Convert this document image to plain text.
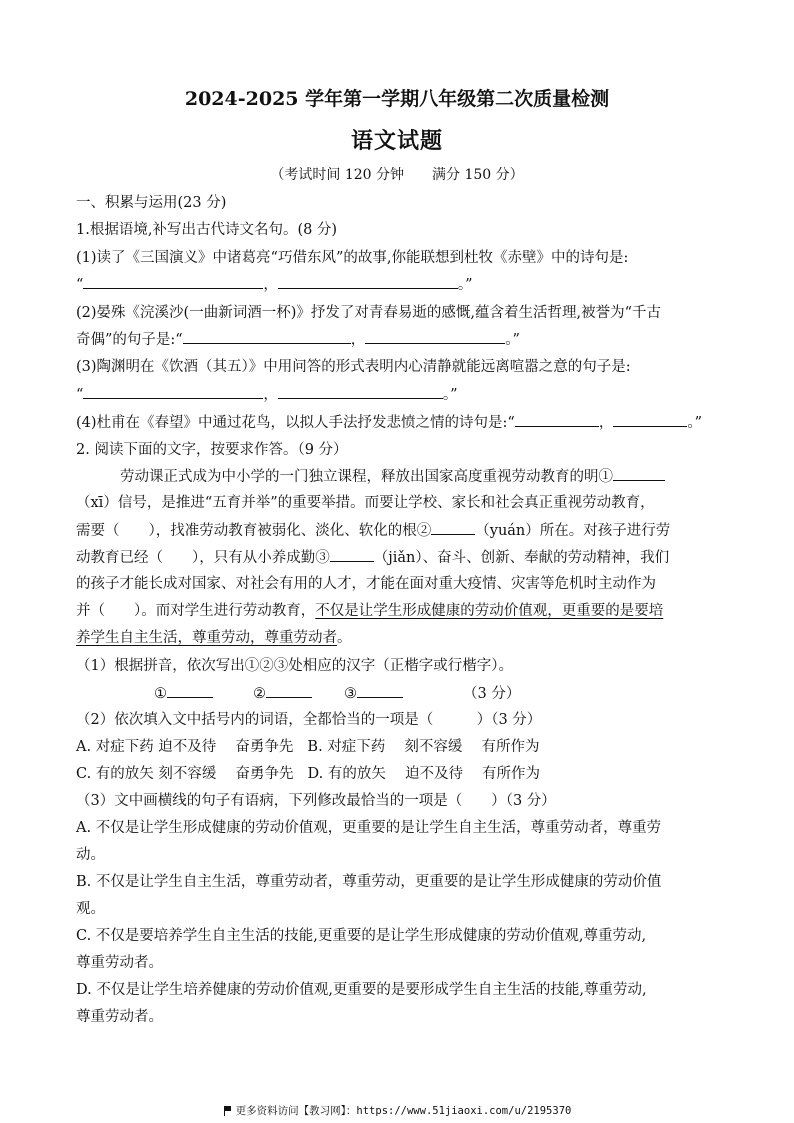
2024-2025 学年第一学期八年级第二次质量检测
语文试题
（考试时间 120 分钟　　满分 150 分）
一、积累与运用(23 分)
1.根据语境,补写出古代诗文名句。(8 分)
(1)读了《三国演义》中诸葛亮“巧借东风”的故事,你能联想到杜牧《赤壁》中的诗句是:
“	，	。”
(2)晏殊《浣溪沙(一曲新词酒一杯)》抒发了对青春易逝的感慨,蕴含着生活哲理,被誉为“千古
奇偶”的句子是:“	，	。”
(3)陶渊明在《饮酒（其五）》中用问答的形式表明内心清静就能远离喧嚣之意的句子是:
“	，	。”
(4)杜甫在《春望》中通过花鸟，以拟人手法抒发悲愤之情的诗句是:“	，	。”
2. 阅读下面的文字，按要求作答。（9 分）
劳动课正式成为中小学的一门独立课程，释放出国家高度重视劳动教育的明①
（xī）信号，是推进“五育并举”的重要举措。而要让学校、家长和社会真正重视劳动教育，
需要（　　），找准劳动教育被弱化、淡化、软化的根②	（yuán）所在。对孩子进行劳
动教育已经（　　），只有从小养成勤③	（jiǎn）、奋斗、创新、奉献的劳动精神，我们
的孩子才能长成对国家、对社会有用的人才，才能在面对重大疫情、灾害等危机时主动作为
并（　　）。而对学生进行劳动教育，不仅是让学生形成健康的劳动价值观，更重要的是要培
养学生自主生活，尊重劳动，尊重劳动者。
（1）根据拼音，依次写出①②③处相应的汉字（正楷字或行楷字）。
①	②	③	（3 分）
（2）依次填入文中括号内的词语，全都恰当的一项是（　　　）（3 分）
A. 对症下药 迫不及待　 奋勇争先 B. 对症下药　 刻不容缓　 有所作为
C. 有的放矢 刻不容缓　 奋勇争先 D. 有的放矢　 迫不及待　 有所作为
（3）文中画横线的句子有语病，下列修改最恰当的一项是（　　）（3 分）
A. 不仅是让学生形成健康的劳动价值观，更重要的是让学生自主生活，尊重劳动者，尊重劳
动。
B. 不仅是让学生自主生活，尊重劳动者，尊重劳动，更重要的是让学生形成健康的劳动价值
观。
C. 不仅是要培养学生自主生活的技能,更重要的是让学生形成健康的劳动价值观,尊重劳动,
尊重劳动者。
D. 不仅是让学生培养健康的劳动价值观,更重要的是要形成学生自主生活的技能,尊重劳动,
尊重劳动者。
更多资料访问【教习网】：https://www.51jiaoxi.com/u/2195370
